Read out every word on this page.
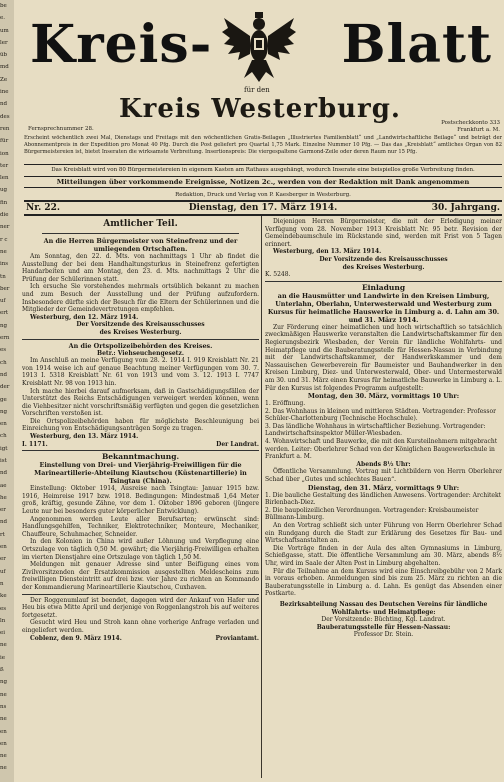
be
e.
um
ler
üb
md
Ze
ine
nd
des
ren
für
ion
ter
len
ug
fin
die
ner
r c
ne
ins
tn
ber
uf
ert
ng
ern
es
ch
nd
der
ge
ng
en
ch
igt
ist
nd
ae
he
er
nd
rt
en
er
uf
n
ke
es
ln
ei
ne
ie
ß
ng
ne
ns
ne
en
en
ne
ne
Kreis- Blatt
für den
Kreis Westerburg.
Fernsprechnummer 28.
Postscheckkonto 333
Frankfurt a. M.
Erscheint wöchentlich zwei Mal, Dienstags und Freitags mit den wöchentlichen Gratis-Beilagen „Illustriertes Familienblatt“ und „Landwirtschaftliche Beilage“ und beträgt der Abonnementpreis in der Expedition pro Monat 40 Pfg. Durch die Post geliefert pro Quartal 1,75 Mark. Einzelne Nummer 10 Pfg. — Das das „Kreisblatt“ amtliches Organ von 82 Bürgermeistereien ist, bietet Inseraten die wirksamste Verbreitung. Insertionspreis: Die viergespaltene Garmond-Zeile oder deren Raum nur 15 Pfg.
Das Kreisblatt wird von 80 Bürgermeistereien in eigenem Kasten am Rathaus ausgehängt, wodurch Inserate eine beispiellos große Verbreitung finden.
Mitteilungen über vorkommende Ereignisse, Notizen 2c., werden von der Redaktion mit Dank angenommen
Redaktion, Druck und Verlag von P. Kaesberger in Westerburg.
Nr. 22.	Dienstag, den 17. März 1914.	30. Jahrgang.
Amtlicher Teil.
An die Herren Bürgermeister von Steinefrenz und der umliegenden Ortschaften.

Am Sonntag, den 22. d. Mts. von nachmittags 1 Uhr ab findet die Ausstellung der bei dem Handhaltungsturkus in Steinefrenz gefertigten Handarbeiten und am Montag, den 23. d. Mts. nachmittags 2 Uhr die Prüfung der Schülerinnen statt.

Ich ersuche Sie vorstehendes mehrmals ortsüblich bekannt zu machen und zum Besuch der Ausstellung und der Prüfung aufzufordern. Insbesondere dürfte sich der Besuch für die Eltern der Schülerinnen und die Mitglieder der Gemeindevertretungen empfehlen.

Westerburg, den 12. März 1914.
Der Vorsitzende des Kreisausschusses
des Kreises Westerburg.
An die Ortspolizeibehörden des Kreises.
Betr.: Viehseuchengesetz.

Im Anschluß an meine Verfügung vom 28. 2. 1914 I. 919 Kreisblatt Nr. 21 von 1914 weise ich auf genaue Beachtung meiner Verfügungen vom 30. 7. 1913 I. 5318 Kreisblatt Nr. 61 von 1913 und vom 3. 12. 1913 I. 7747 Kreisblatt Nr. 98 von 1913 hin.

Ich mache hierbei darauf aufmerksam, daß in Gastschädigungsfällen der Unterstützt des Reichs Entschädigungen verweigert werden können, wenn die Viehbesitzer nicht vorschriftsmäßig verfügten und gegen die gesetzlichen Vorschriften verstoßen ist.

Die Ortspolizeibehörden haben für möglichste Beschleunigung bei Einreichung von Entschädigungsanträgen Sorge zu tragen.

Westerburg, den 13. März 1914.
I. 1171.	Der Landrat.
Bekanntmachung.
Einstellung von Drei- und Vierjährig-Freiwilligen für die Marineartillerie-Abteilung Kiautschou (Küstenartillerie) in Tsingtau (China).

Einstellung: Oktober 1914, Ausreise nach Tsingtau: Januar 1915 bzw. 1916, Heimreise 1917 bzw. 1918. Bedingungen: Mindestmaß 1,64 Meter groß, kräftig, gesunde Zähne, vor dem 1. Oktober 1896 geboren (jüngere Leute nur bei besonders guter körperlicher Entwicklung).

Angenommen werden Leute aller Berufsarten; erwünscht sind: Handlungsgehilfen, Techniker, Elektrotechniker, Monteure, Mechaniker, Chauffeure, Schuhmacher, Schneider.

In den Kolonien in China wird außer Löhnung und Verpflegung eine Ortszulage von täglich 0,50 M. gewährt; die Vierjährig-Freiwilligen erhalten im vierten Dienstjahre eine Ortszulage von täglich 1,50 M.

Meldungen mit genauer Adresse sind unter Beifügung eines vom Zivilvorsitzenden der Ersatzkommission ausgestellten Meldescheins zum freiwilligen Diensteintritt auf drei bzw. vier Jahre zu richten an Kommando der Kommandierung Marineartillerie Kiautschou, Cuxhaven.

Der Roggenumlauf ist beendet, dagegen wird der Ankauf von Hafer und Heu bis etwa Mitte April und derjenige von Roggenlangstroh bis auf weiteres fortgesetzt.

Gesucht wird Heu und Stroh kann ohne vorherige Anfrage verladen und eingeliefert werden.

Coblenz, den 9. März 1914.	Proviantamt.

Diejenigen Herren Bürgermeister, die mit der Erledigung meiner Verfügung vom 28. November 1913 Kreisblatt Nr. 95 betr. Revision der Gemeindebaumschule im Rückstande sind, werden mit Frist von 5 Tagen erinnert.

Westerburg, den 13. März 1914.
Der Vorsitzende des Kreisausschusses
des Kreises Westerburg.
K. 5248.
Einladung
an die Hausmütter und Landwirte in den Kreisen Limburg, Unterlahn, Oberlahn, Unterwesterwald und Westerburg zum Kursus für heimatliche Hauswerke in Limburg a. d. Lahn am 30. und 31. März 1914.

Zur Förderung einer heimatlichen und hoch wirtschaftlich so tatsächlich zweckmäßigen Hauswerke veranstalten die Landwirtschaftskammer für den Regierungsbezirk Wiesbaden, der Verein für ländliche Wohlfahrts- und Heimatpflege und die Bauberatungsstelle für Hessen-Nassau in Verbindung mit der Landwirtschaftskammer, der Handwerkskammer und dem Nassauischen Gewerbeverein für Baumeister und Bauhandwerker in den Kreisen Limburg, Diez- und Unterwesterwald, Ober- und Untermesterwald am 30. und 31. März einen Kursus für heimatliche Bauwerke in Limburg a. L. Für den Kursus ist folgendes Programm aufgestellt:

Montag, den 30. März, vormittags 10 Uhr:
1. Eröffnung.
2. Das Wohnhaus in kleinen und mittleren Städten. Vortragender: Professor Schüler-Charlottenburg (Technische Hochschule).
3. Das ländliche Wohnhaus in wirtschaftlicher Beziehung. Vortragender: Landwirtschaftsinspektor Müller-Wiesbaden.
4. Wohnwirtschaft und Bauwerke, die mit den Kursteilnehmern mitgebracht werden. Leiter: Oberlehrer Schad von der Königlichen Baugewerkschule in Frankfurt a. M.
Abends 8½ Uhr:

Öffentliche Versammlung. Vortrag mit Lichtbildern von Herrn Oberlehrer Schad über „Gutes und schlechtes Bauen“.

Dienstag, den 31. März, vormittags 9 Uhr:
1. Die bauliche Gestaltung des ländlichen Anwesens. Vortragender: Architekt Birlenbach-Diez.
2. Die baupolizeilichen Verordnungen. Vortragender: Kreisbaumeister Büllmann-Limburg.

An den Vortrag schließt sich unter Führung von Herrn Oberlehrer Schad ein Rundgang durch die Stadt zur Erklärung des Gesetzes für Bau- und Wirtschaftsanstalten an.

Die Vorträge finden in der Aula des alten Gymnasiums in Limburg, Schießgasse, statt. Die öffentliche Versammlung am 30. März, abends 8½ Uhr, wird im Saale der Alten Post in Limburg abgehalten.

Für die Teilnahme an dem Kursus wird eine Einschreibgebühr von 2 Mark in voraus erhoben. Anmeldungen sind bis zum 25. März zu richten an die Bauberatungsstelle in Limburg a. d. Lahn. Es genügt das Absenden einer Postkarte.

Bezirksabteilung Nassau des Deutschen Vereins für ländliche Wohlfahrts- und Heimatpflege:
Der Vorsitzende: Büchting, Kgl. Landrat.
Bauberatungsstelle für Hessen-Nassau:
Professor Dr. Stein.
